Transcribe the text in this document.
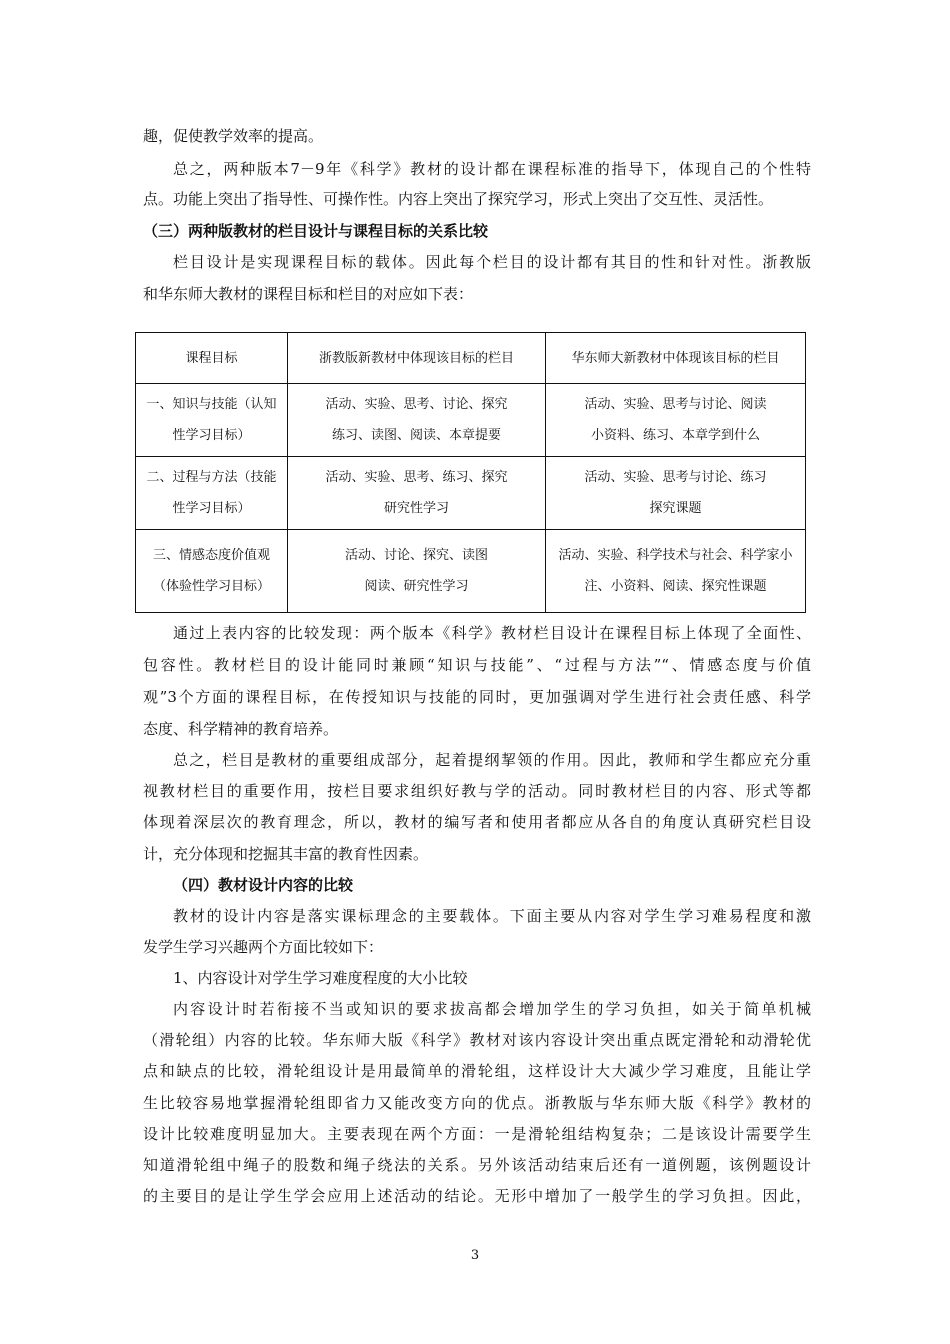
趣，促使教学效率的提高。
总之，两种版本7－9年《科学》教材的设计都在课程标准的指导下，体现自己的个性特
点。功能上突出了指导性、可操作性。内容上突出了探究学习，形式上突出了交互性、灵活性。
（三）两种版教材的栏目设计与课程目标的关系比较
栏目设计是实现课程目标的载体。因此每个栏目的设计都有其目的性和针对性。浙教版
和华东师大教材的课程目标和栏目的对应如下表：
课程目标	浙教版新教材中体现该目标的栏目	华东师大新教材中体现该目标的栏目

一、知识与技能（认知
性学习目标）	活动、实验、思考、讨论、探究
练习、读图、阅读、本章提要	活动、实验、思考与讨论、阅读
小资料、练习、本章学到什么

二、过程与方法（技能
性学习目标）	活动、实验、思考、练习、探究
研究性学习	活动、实验、思考与讨论、练习
探究课题

三、情感态度价值观
（体验性学习目标）	活动、讨论、探究、读图
阅读、研究性学习	活动、实验、科学技术与社会、科学家小
注、小资料、阅读、探究性课题
通过上表内容的比较发现：两个版本《科学》教材栏目设计在课程目标上体现了全面性、
包容性。教材栏目的设计能同时兼顾“知识与技能”、“过程与方法”“、情感态度与价值
观”3个方面的课程目标，在传授知识与技能的同时，更加强调对学生进行社会责任感、科学
态度、科学精神的教育培养。
总之，栏目是教材的重要组成部分，起着提纲挈领的作用。因此，教师和学生都应充分重
视教材栏目的重要作用，按栏目要求组织好教与学的活动。同时教材栏目的内容、形式等都
体现着深层次的教育理念，所以，教材的编写者和使用者都应从各自的角度认真研究栏目设
计，充分体现和挖掘其丰富的教育性因素。
（四）教材设计内容的比较
教材的设计内容是落实课标理念的主要载体。下面主要从内容对学生学习难易程度和激
发学生学习兴趣两个方面比较如下：
1、内容设计对学生学习难度程度的大小比较
内容设计时若衔接不当或知识的要求拔高都会增加学生的学习负担，如关于简单机械
（滑轮组）内容的比较。华东师大版《科学》教材对该内容设计突出重点既定滑轮和动滑轮优
点和缺点的比较，滑轮组设计是用最简单的滑轮组，这样设计大大减少学习难度，且能让学
生比较容易地掌握滑轮组即省力又能改变方向的优点。浙教版与华东师大版《科学》教材的
设计比较难度明显加大。主要表现在两个方面：一是滑轮组结构复杂；二是该设计需要学生
知道滑轮组中绳子的股数和绳子绕法的关系。另外该活动结束后还有一道例题，该例题设计
的主要目的是让学生学会应用上述活动的结论。无形中增加了一般学生的学习负担。因此，
3
